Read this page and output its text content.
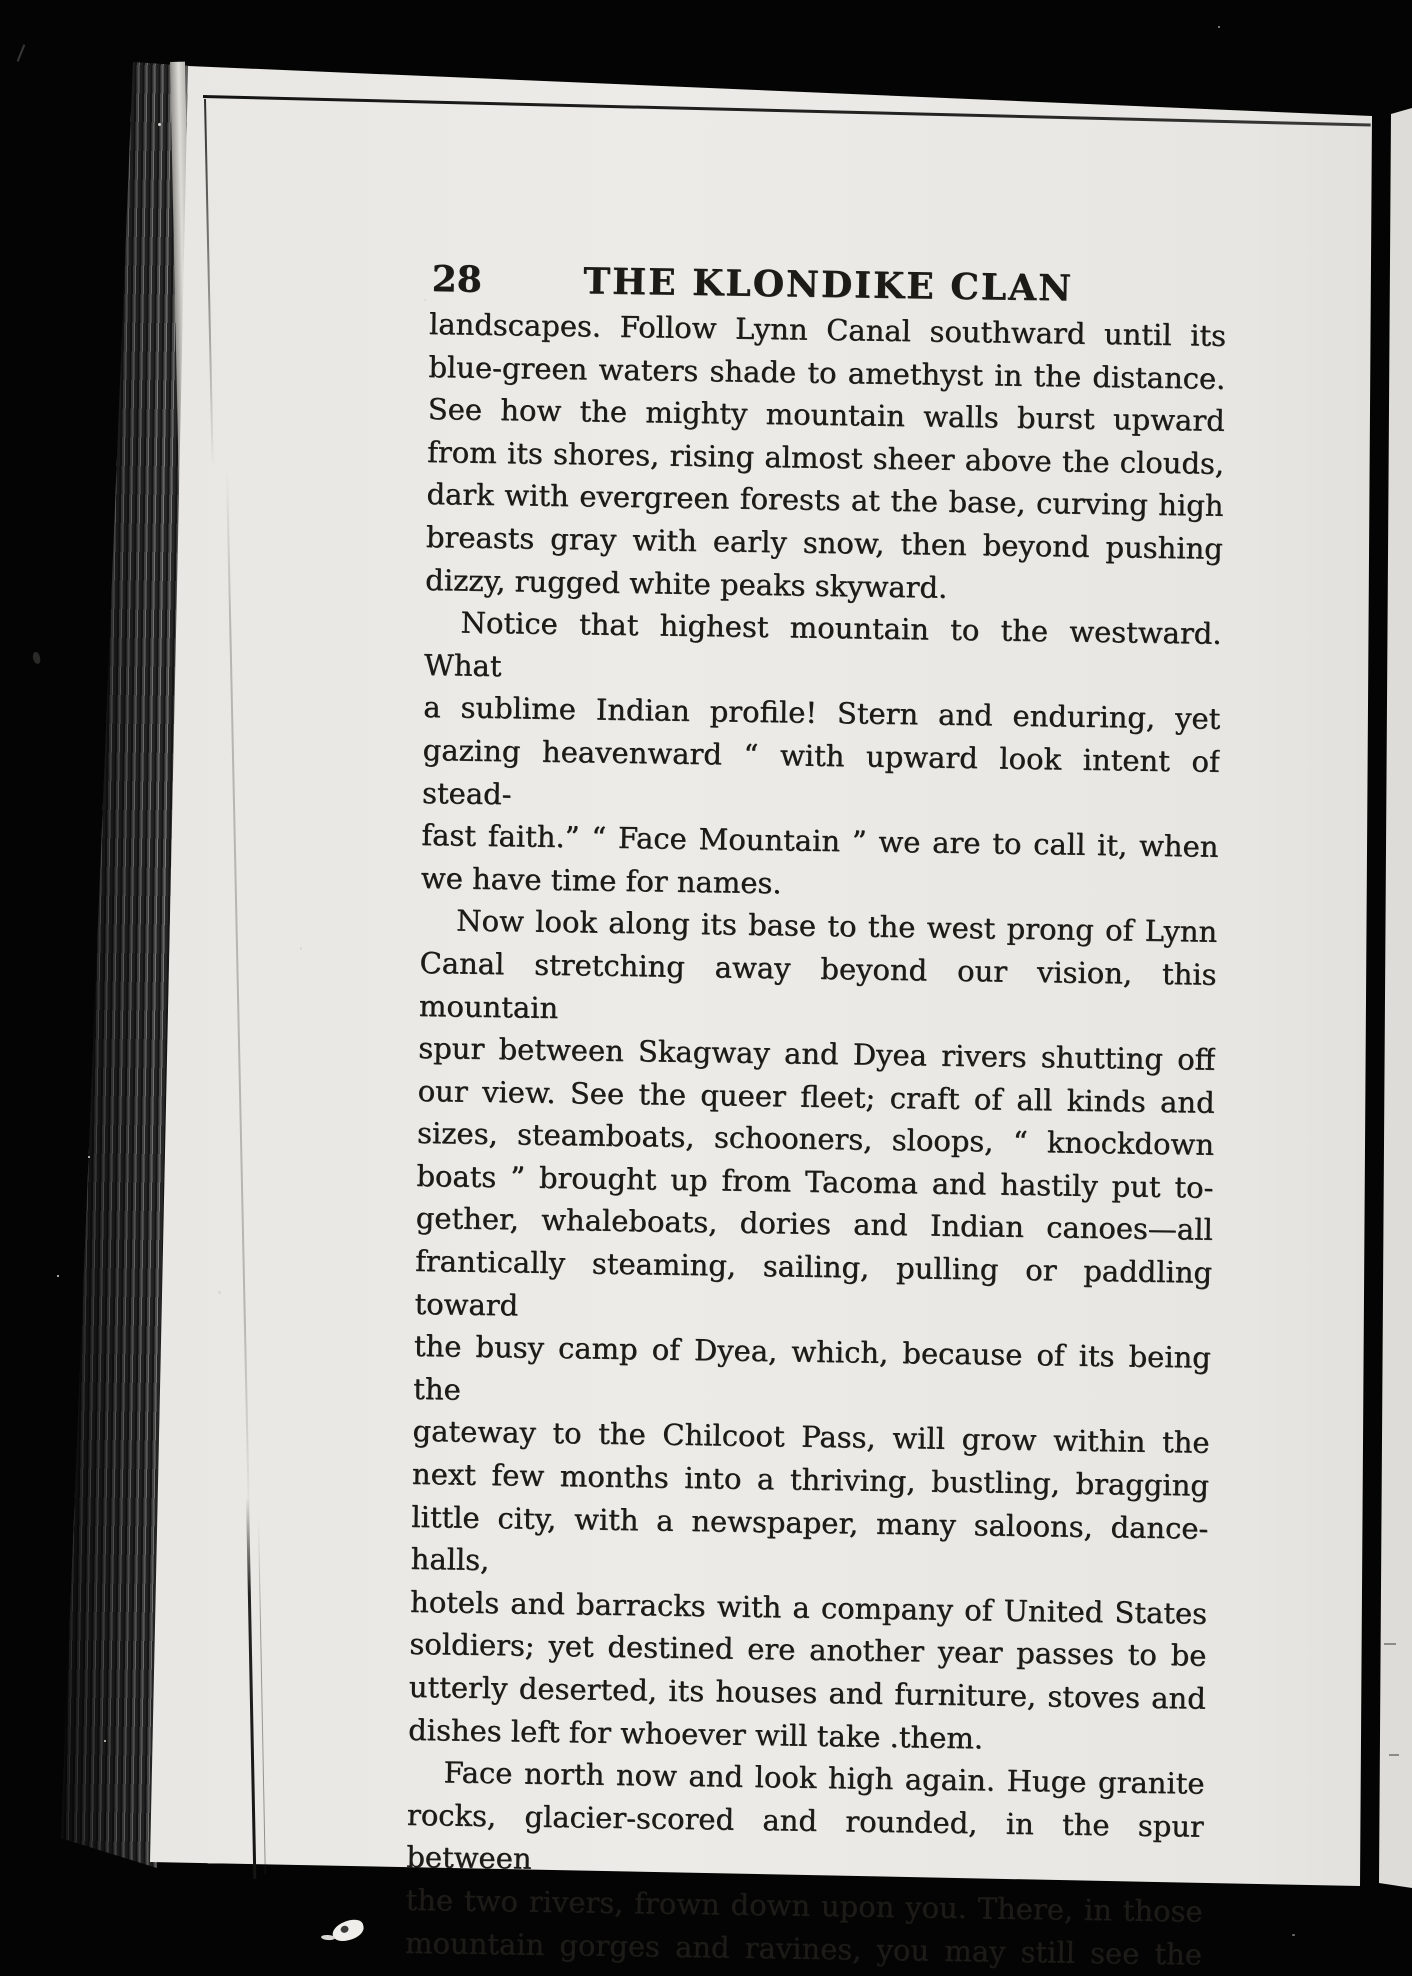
28	THE KLONDIKE CLAN
landscapes. Follow Lynn Canal southward until its
blue-green waters shade to amethyst in the distance.
See how the mighty mountain walls burst upward
from its shores, rising almost sheer above the clouds,
dark with evergreen forests at the base, curving high
breasts gray with early snow, then beyond pushing
dizzy, rugged white peaks skyward.
Notice that highest mountain to the westward. What
a sublime Indian profile! Stern and enduring, yet
gazing heavenward “ with upward look intent of stead-
fast faith.” “ Face Mountain ” we are to call it, when
we have time for names.
Now look along its base to the west prong of Lynn
Canal stretching away beyond our vision, this mountain
spur between Skagway and Dyea rivers shutting off
our view. See the queer fleet; craft of all kinds and
sizes, steamboats, schooners, sloops, “ knockdown
boats ” brought up from Tacoma and hastily put to-
gether, whaleboats, dories and Indian canoes—all
frantically steaming, sailing, pulling or paddling toward
the busy camp of Dyea, which, because of its being the
gateway to the Chilcoot Pass, will grow within the
next few months into a thriving, bustling, bragging
little city, with a newspaper, many saloons, dance-halls,
hotels and barracks with a company of United States
soldiers; yet destined ere another year passes to be
utterly deserted, its houses and furniture, stoves and
dishes left for whoever will take .them.
Face north now and look high again. Huge granite
rocks, glacier-scored and rounded, in the spur between
the two rivers, frown down upon you. There, in those
mountain gorges and ravines, you may still see the
